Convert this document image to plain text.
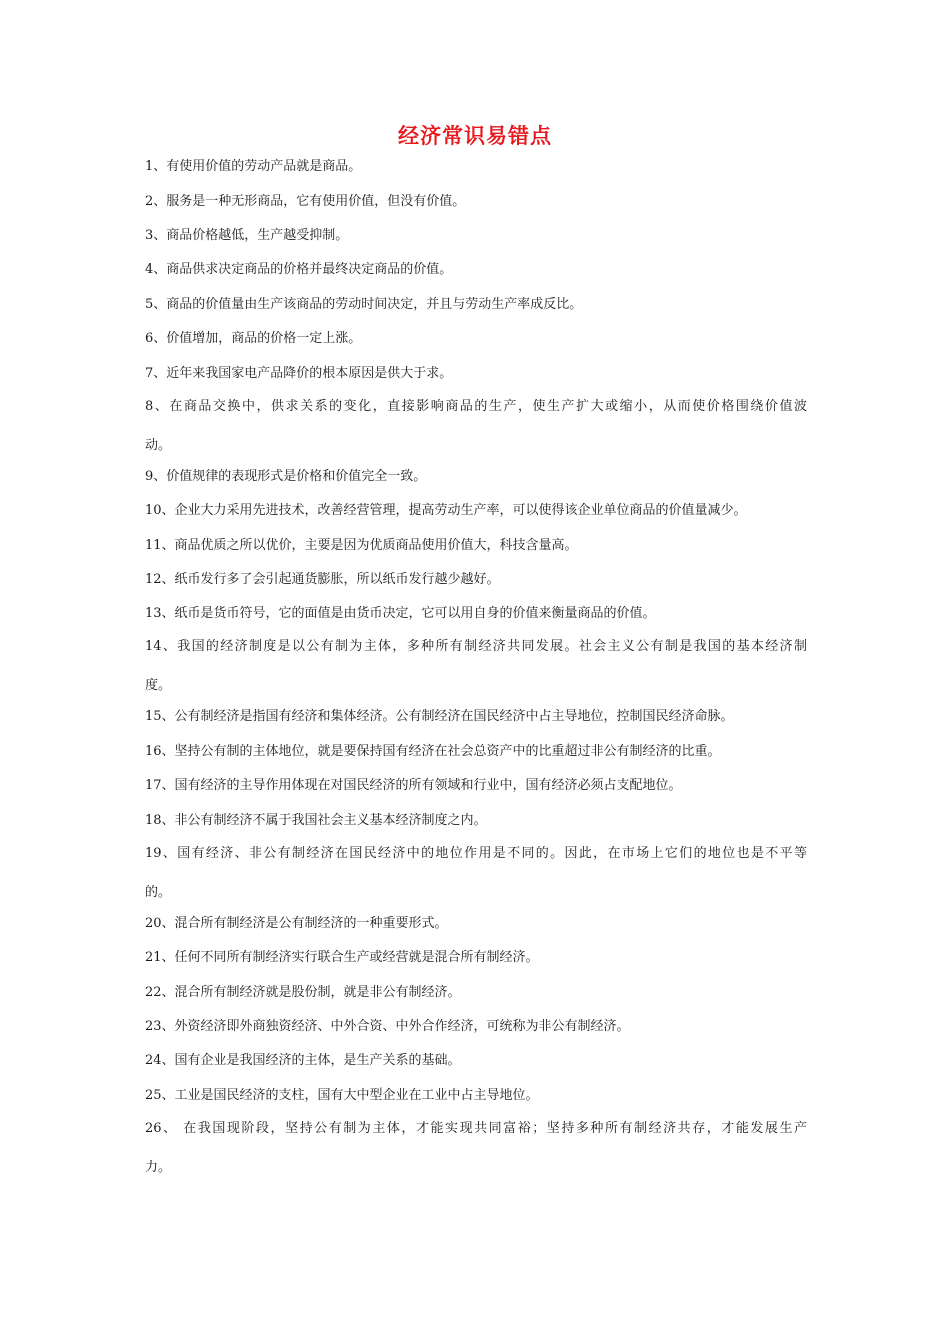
经济常识易错点
1、有使用价值的劳动产品就是商品。
2、服务是一种无形商品，它有使用价值，但没有价值。
3、商品价格越低，生产越受抑制。
4、商品供求决定商品的价格并最终决定商品的价值。
5、商品的价值量由生产该商品的劳动时间决定，并且与劳动生产率成反比。
6、价值增加，商品的价格一定上涨。
7、近年来我国家电产品降价的根本原因是供大于求。
8、在商品交换中，供求关系的变化，直接影响商品的生产，使生产扩大或缩小，从而使价格围绕价值波
动。
9、价值规律的表现形式是价格和价值完全一致。
10、企业大力采用先进技术，改善经营管理，提高劳动生产率，可以使得该企业单位商品的价值量减少。
11、商品优质之所以优价，主要是因为优质商品使用价值大，科技含量高。
12、纸币发行多了会引起通货膨胀，所以纸币发行越少越好。
13、纸币是货币符号，它的面值是由货币决定，它可以用自身的价值来衡量商品的价值。
14、我国的经济制度是以公有制为主体，多种所有制经济共同发展。社会主义公有制是我国的基本经济制
度。
15、公有制经济是指国有经济和集体经济。公有制经济在国民经济中占主导地位，控制国民经济命脉。
16、坚持公有制的主体地位，就是要保持国有经济在社会总资产中的比重超过非公有制经济的比重。
17、国有经济的主导作用体现在对国民经济的所有领域和行业中，国有经济必须占支配地位。
18、非公有制经济不属于我国社会主义基本经济制度之内。
19、国有经济、非公有制经济在国民经济中的地位作用是不同的。因此，在市场上它们的地位也是不平等
的。
20、混合所有制经济是公有制经济的一种重要形式。
21、任何不同所有制经济实行联合生产或经营就是混合所有制经济。
22、混合所有制经济就是股份制，就是非公有制经济。
23、外资经济即外商独资经济、中外合资、中外合作经济，可统称为非公有制经济。
24、国有企业是我国经济的主体，是生产关系的基础。
25、工业是国民经济的支柱，国有大中型企业在工业中占主导地位。
26、 在我国现阶段，坚持公有制为主体，才能实现共同富裕；坚持多种所有制经济共存，才能发展生产
力。
